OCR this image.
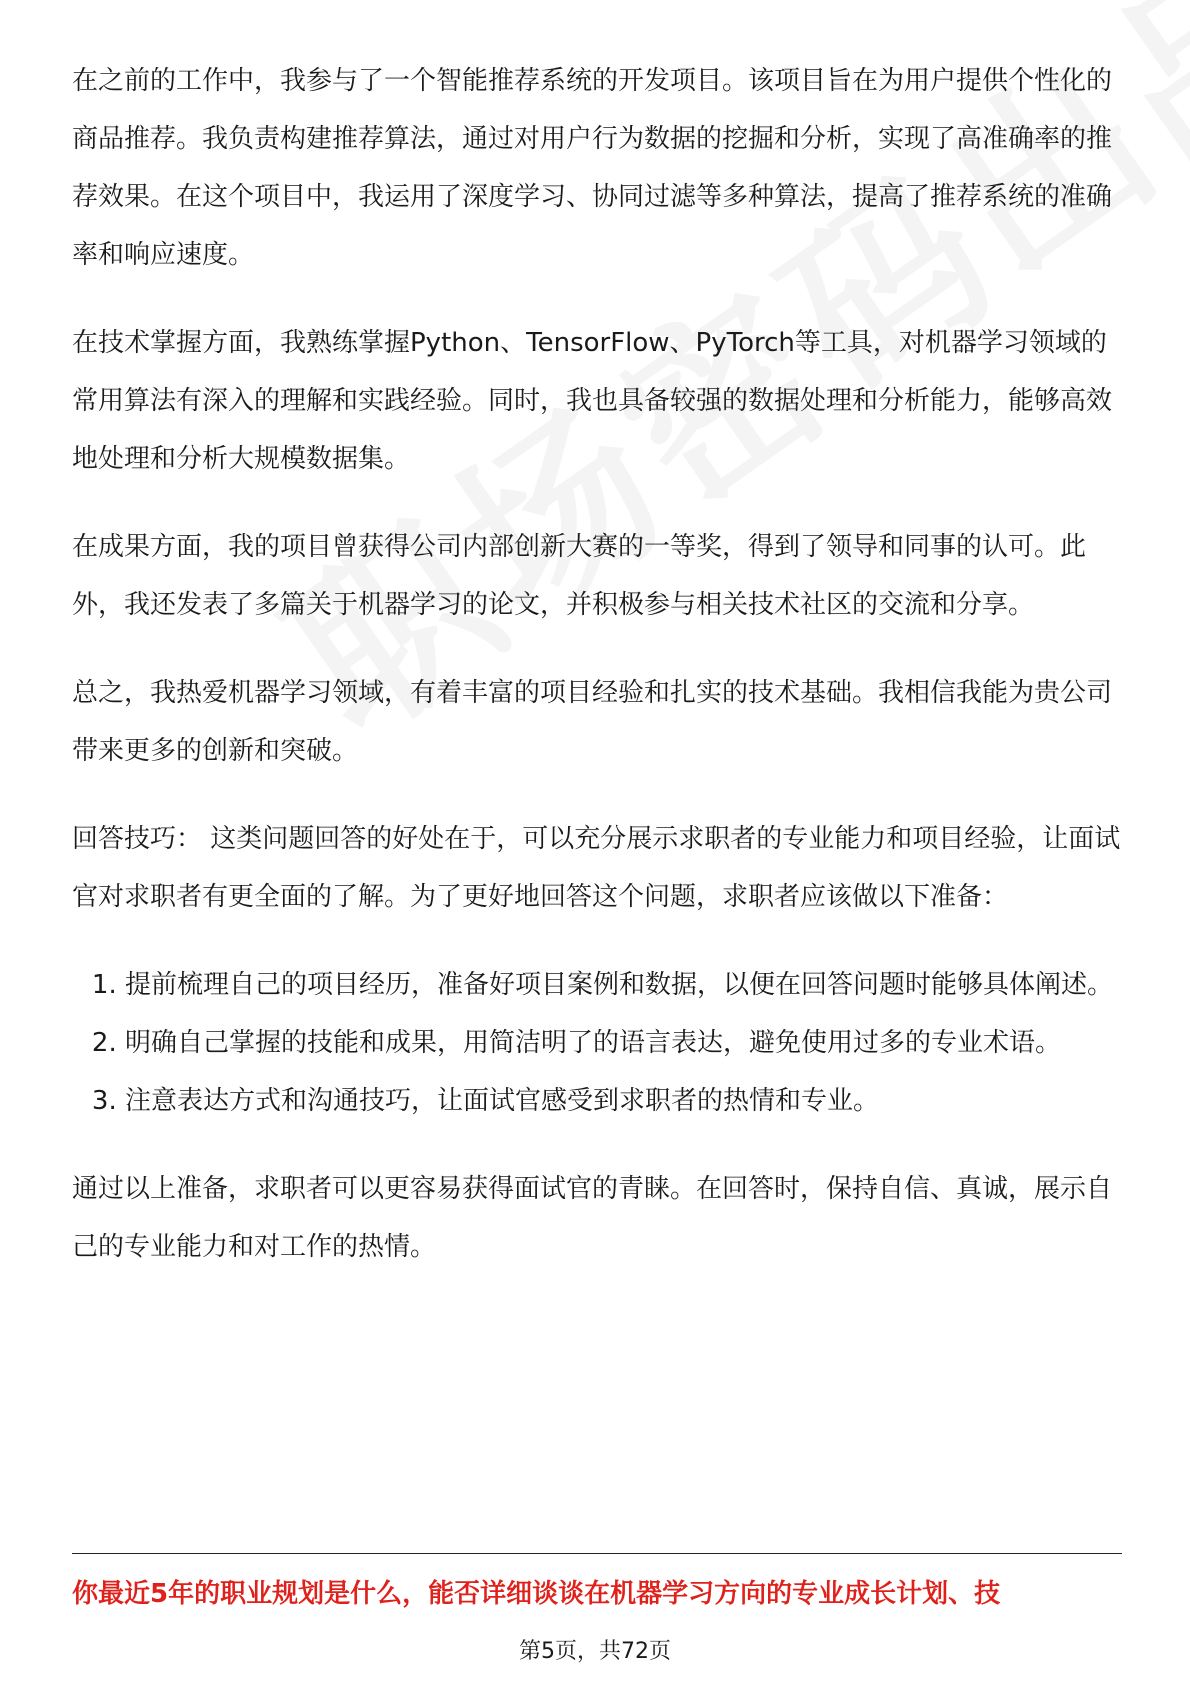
在之前的工作中，我参与了一个智能推荐系统的开发项目。该项目旨在为用户提供个性化的商品推荐。我负责构建推荐算法，通过对用户行为数据的挖掘和分析，实现了高准确率的推荐效果。在这个项目中，我运用了深度学习、协同过滤等多种算法，提高了推荐系统的准确率和响应速度。

在技术掌握方面，我熟练掌握Python、TensorFlow、PyTorch等工具，对机器学习领域的常用算法有深入的理解和实践经验。同时，我也具备较强的数据处理和分析能力，能够高效地处理和分析大规模数据集。

在成果方面，我的项目曾获得公司内部创新大赛的一等奖，得到了领导和同事的认可。此外，我还发表了多篇关于机器学习的论文，并积极参与相关技术社区的交流和分享。

总之，我热爱机器学习领域，有着丰富的项目经验和扎实的技术基础。我相信我能为贵公司带来更多的创新和突破。

回答技巧： 这类问题回答的好处在于，可以充分展示求职者的专业能力和项目经验，让面试官对求职者有更全面的了解。为了更好地回答这个问题，求职者应该做以下准备：

1. 提前梳理自己的项目经历，准备好项目案例和数据，以便在回答问题时能够具体阐述。
2. 明确自己掌握的技能和成果，用简洁明了的语言表达，避免使用过多的专业术语。
3. 注意表达方式和沟通技巧，让面试官感受到求职者的热情和专业。

通过以上准备，求职者可以更容易获得面试官的青睐。在回答时，保持自信、真诚，展示自己的专业能力和对工作的热情。

你最近5年的职业规划是什么，能否详细谈谈在机器学习方向的专业成长计划、技
第5页，共72页
